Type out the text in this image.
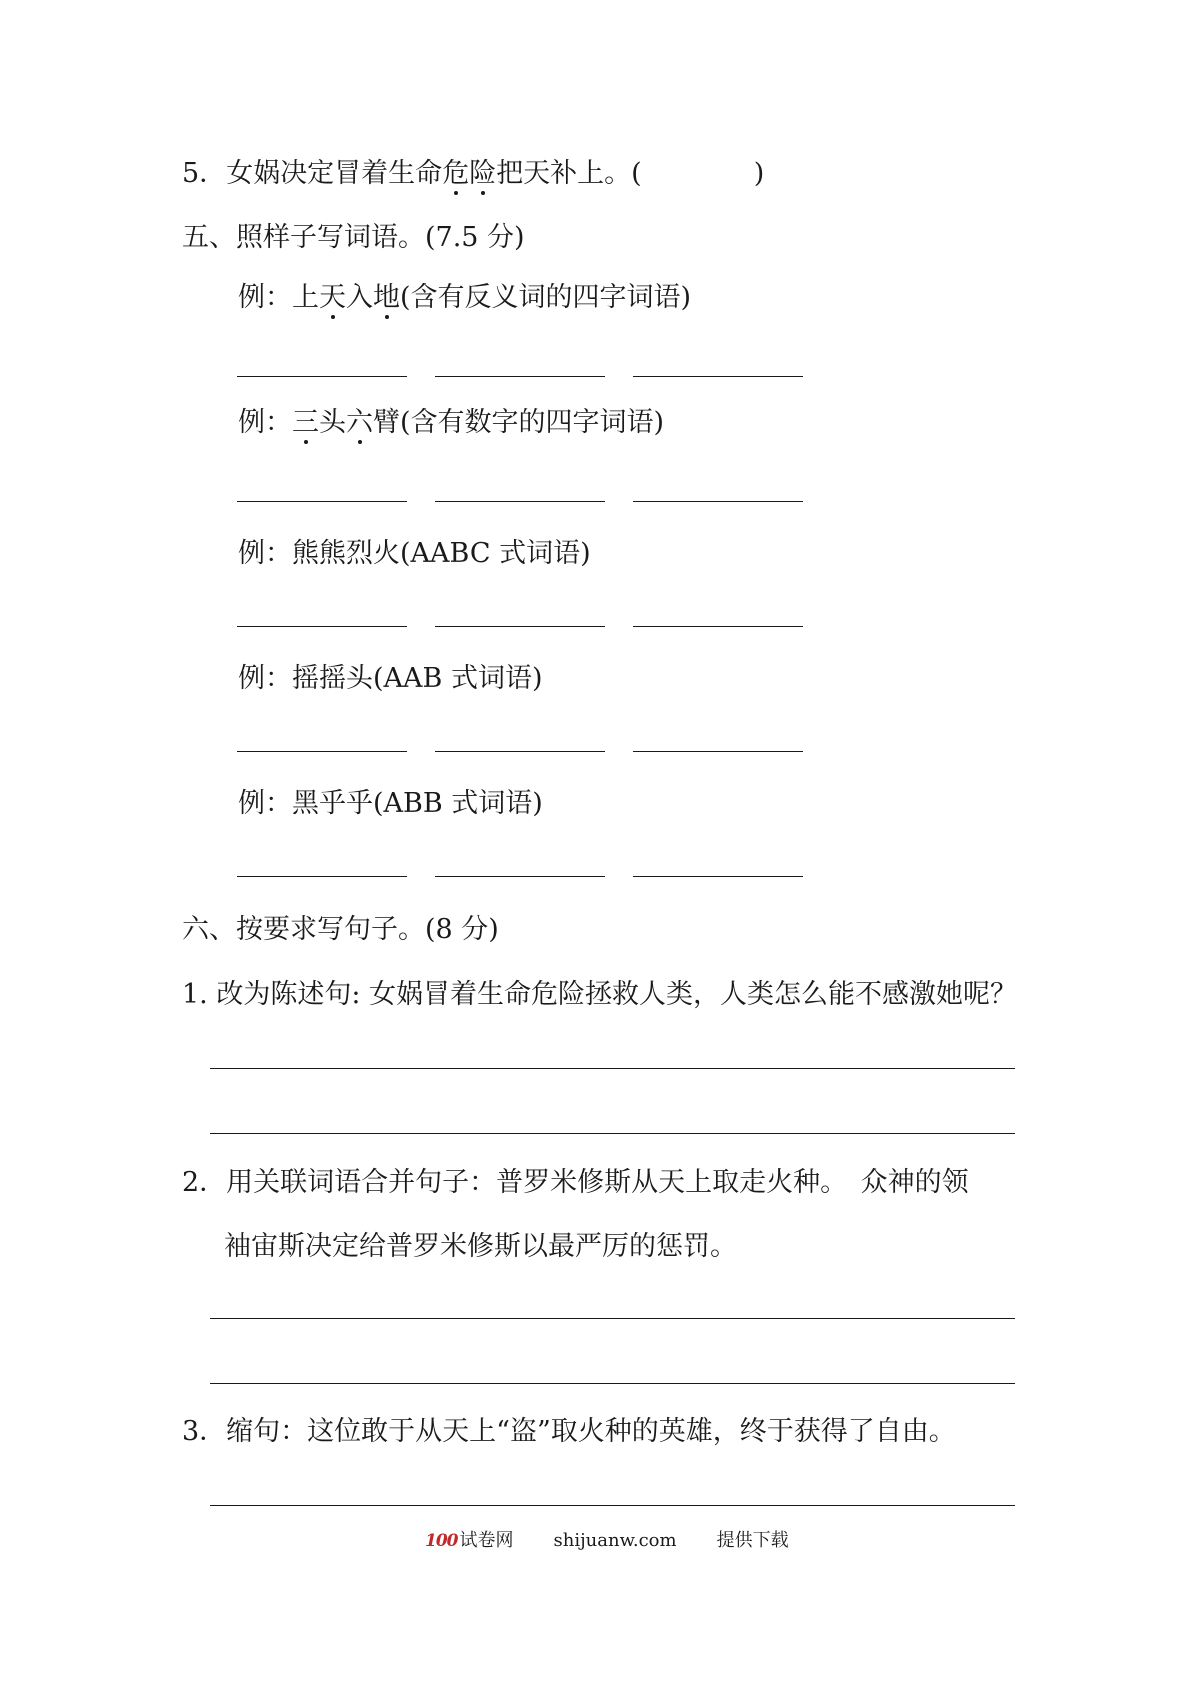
5．女娲决定冒着生命危险把天补上。(	)
五、照样子写词语。(7.5 分)
例：上天入地(含有反义词的四字词语)
例：三头六臂(含有数字的四字词语)
例：熊熊烈火(AABC 式词语)
例：摇摇头(AAB 式词语)
例：黑乎乎(ABB 式词语)
六、按要求写句子。(8 分)
1. 改为陈述句: 女娲冒着生命危险拯救人类，人类怎么能不感激她呢？
2．用关联词语合并句子：普罗米修斯从天上取走火种。　众神的领
袖宙斯决定给普罗米修斯以最严厉的惩罚。
3．缩句：这位敢于从天上“盗”取火种的英雄，终于获得了自由。
100 试卷网 shijuanw.com 提供下载
